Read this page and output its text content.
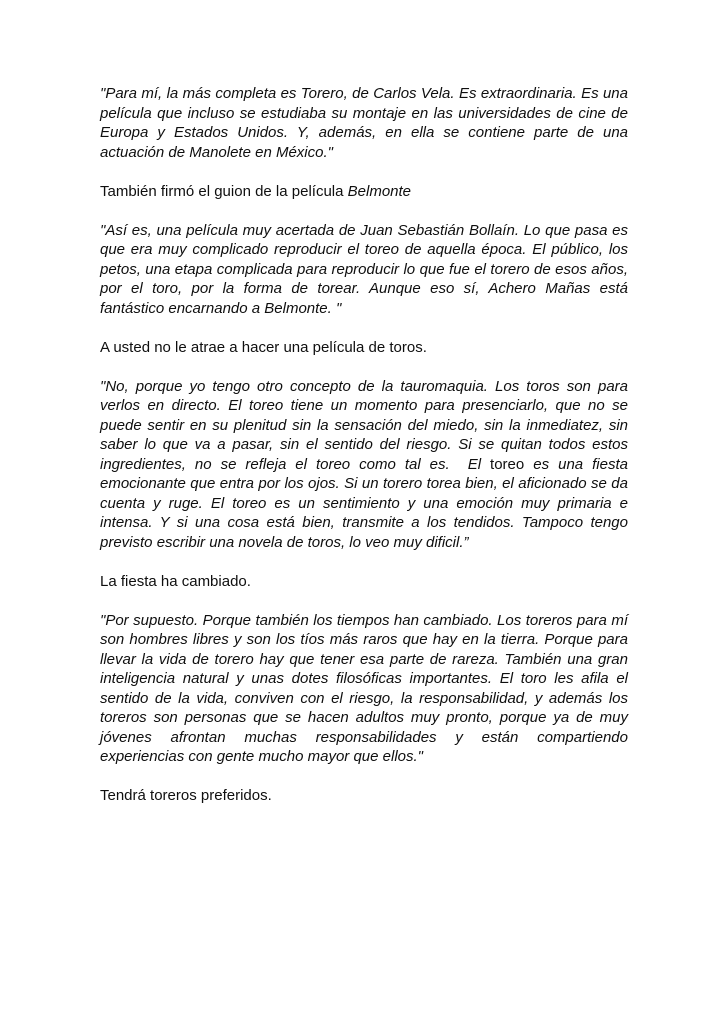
"Para mí, la más completa es Torero, de Carlos Vela. Es extraordinaria. Es una película que incluso se estudiaba su montaje en las universidades de cine de Europa y Estados Unidos. Y, además, en ella se contiene parte de una actuación de Manolete en México."

También firmó el guion de la película Belmonte

"Así es, una película muy acertada de Juan Sebastián Bollaín. Lo que pasa es que era muy complicado reproducir el toreo de aquella época. El público, los petos, una etapa complicada para reproducir lo que fue el torero de esos años, por el toro, por la forma de torear. Aunque eso sí, Achero Mañas está fantástico encarnando a Belmonte. "

A usted no le atrae a hacer una película de toros.

"No, porque yo tengo otro concepto de la tauromaquia. Los toros son para verlos en directo. El toreo tiene un momento para presenciarlo, que no se puede sentir en su plenitud sin la sensación del miedo, sin la inmediatez, sin saber lo que va a pasar, sin el sentido del riesgo. Si se quitan todos estos ingredientes, no se refleja el toreo como tal es.  El toreo es una fiesta emocionante que entra por los ojos. Si un torero torea bien, el aficionado se da cuenta y ruge. El toreo es un sentimiento y una emoción muy primaria e intensa. Y si una cosa está bien, transmite a los tendidos. Tampoco tengo previsto escribir una novela de toros, lo veo muy dificil.”

La fiesta ha cambiado.

"Por supuesto. Porque también los tiempos han cambiado. Los toreros para mí son hombres libres y son los tíos más raros que hay en la tierra. Porque para llevar la vida de torero hay que tener esa parte de rareza. También una gran inteligencia natural y unas dotes filosóficas importantes. El toro les afila el sentido de la vida, conviven con el riesgo, la responsabilidad, y además los toreros son personas que se hacen adultos muy pronto, porque ya de muy jóvenes afrontan muchas responsabilidades y están compartiendo experiencias con gente mucho mayor que ellos."

Tendrá toreros preferidos.
